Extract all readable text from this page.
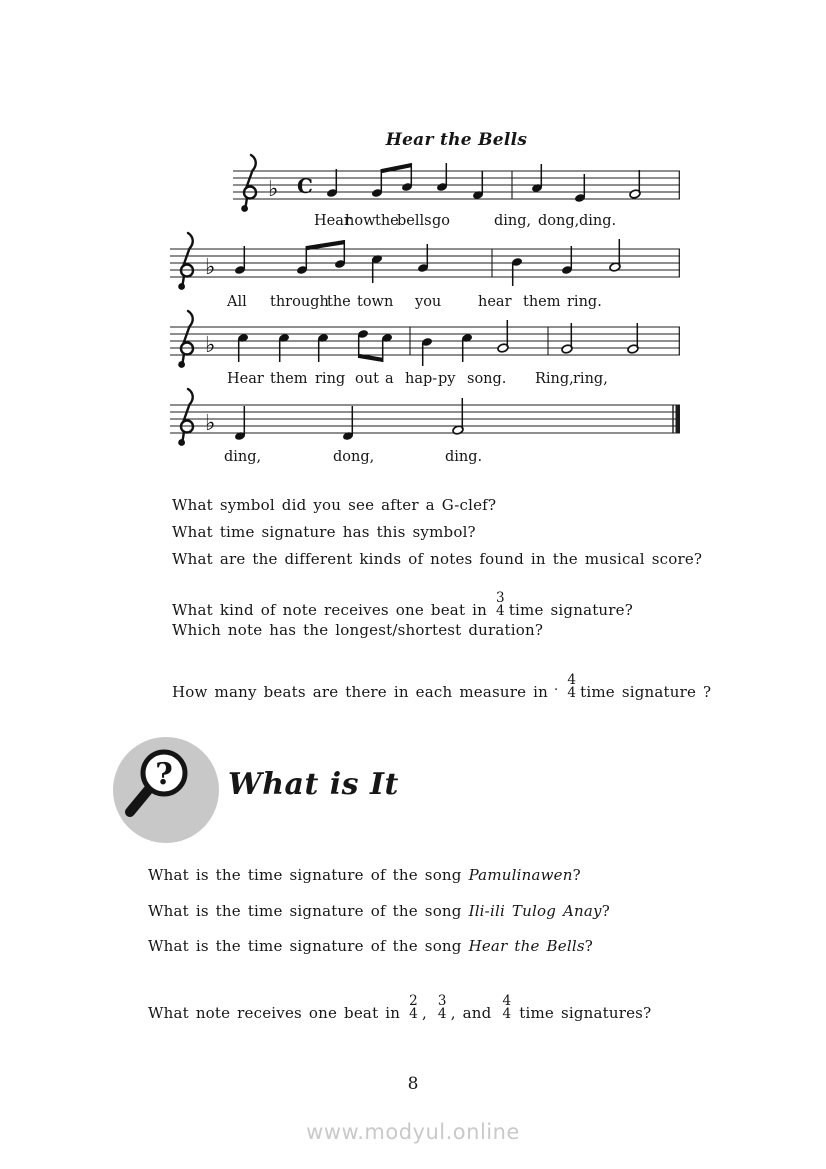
Hear the Bells
♭ C
♭
♭
♭
What symbol did you see after a G-clef?
What time signature has this symbol?
What are the different kinds of notes found in the musical score?
What kind of note receives one beat in
3
4 time signature?
Which note has the longest/shortest duration?
How many beats are there in each measure in . 4
4 time signature ?
? What is It
What is the time signature of the song Pamulinawen?
What is the time signature of the song Ili-ili Tulog Anay?
What is the time signature of the song Hear the Bells?
What note receives one beat in
2
4 ,
3
4 , and
4
4 time signatures?
8
www.modyul.online
Hear
how the
bells go	ding, dong, ding.
All through
the town you	hear them ring.
Hear them ring out a hap- py song. Ring, ring,
ding,	dong,	ding.
